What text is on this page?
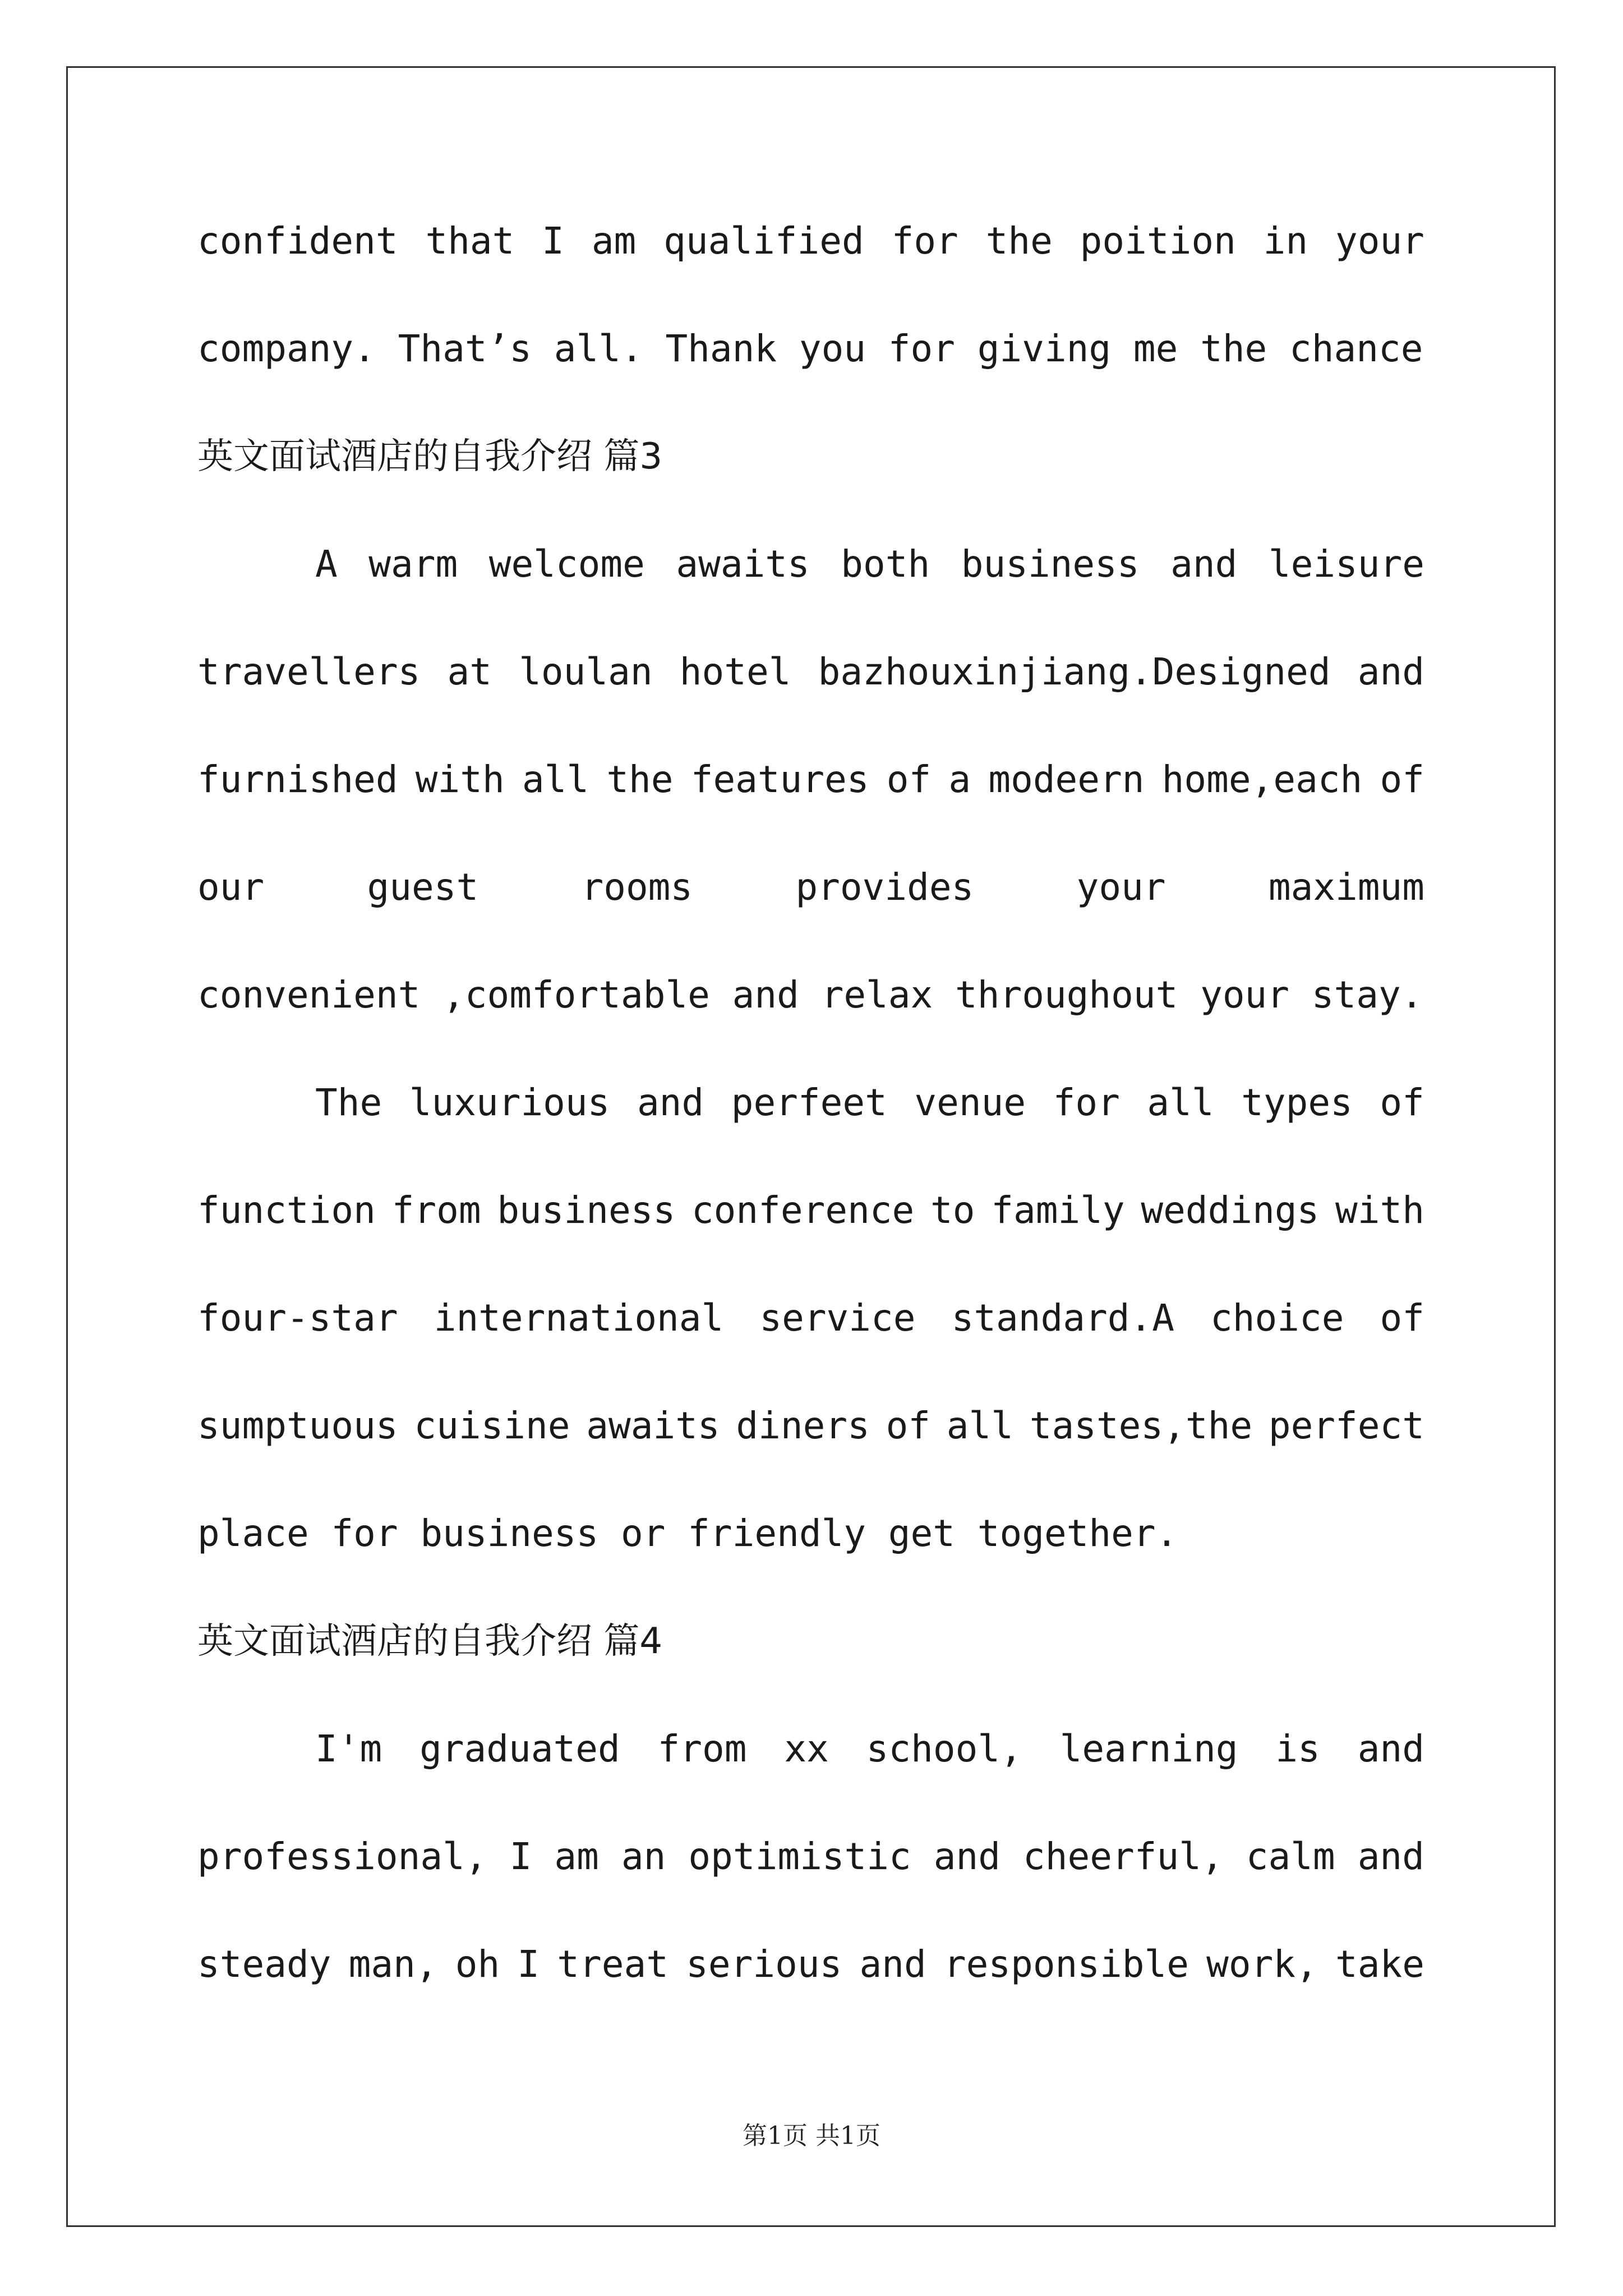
confident that I am qualified for the poition in your
company. That’s all. Thank you for giving me the chance
英文面试酒店的自我介绍 篇3
A warm welcome awaits both business and leisure
travellers at loulan hotel bazhouxinjiang.Designed and
furnished with all the features of a modeern home,each of
our	guest	rooms	provides	your	maximum
convenient ,comfortable and relax throughout your stay.
The luxurious and perfeet venue for all types of
function from business conference to family weddings with
four-star international service standard.A choice of
sumptuous cuisine awaits diners of all tastes,the perfect
place for business or friendly get together.
英文面试酒店的自我介绍 篇4
I'm graduated from xx school, learning is and
professional, I am an optimistic and cheerful, calm and
steady man, oh I treat serious and responsible work, take
第1页 共1页
